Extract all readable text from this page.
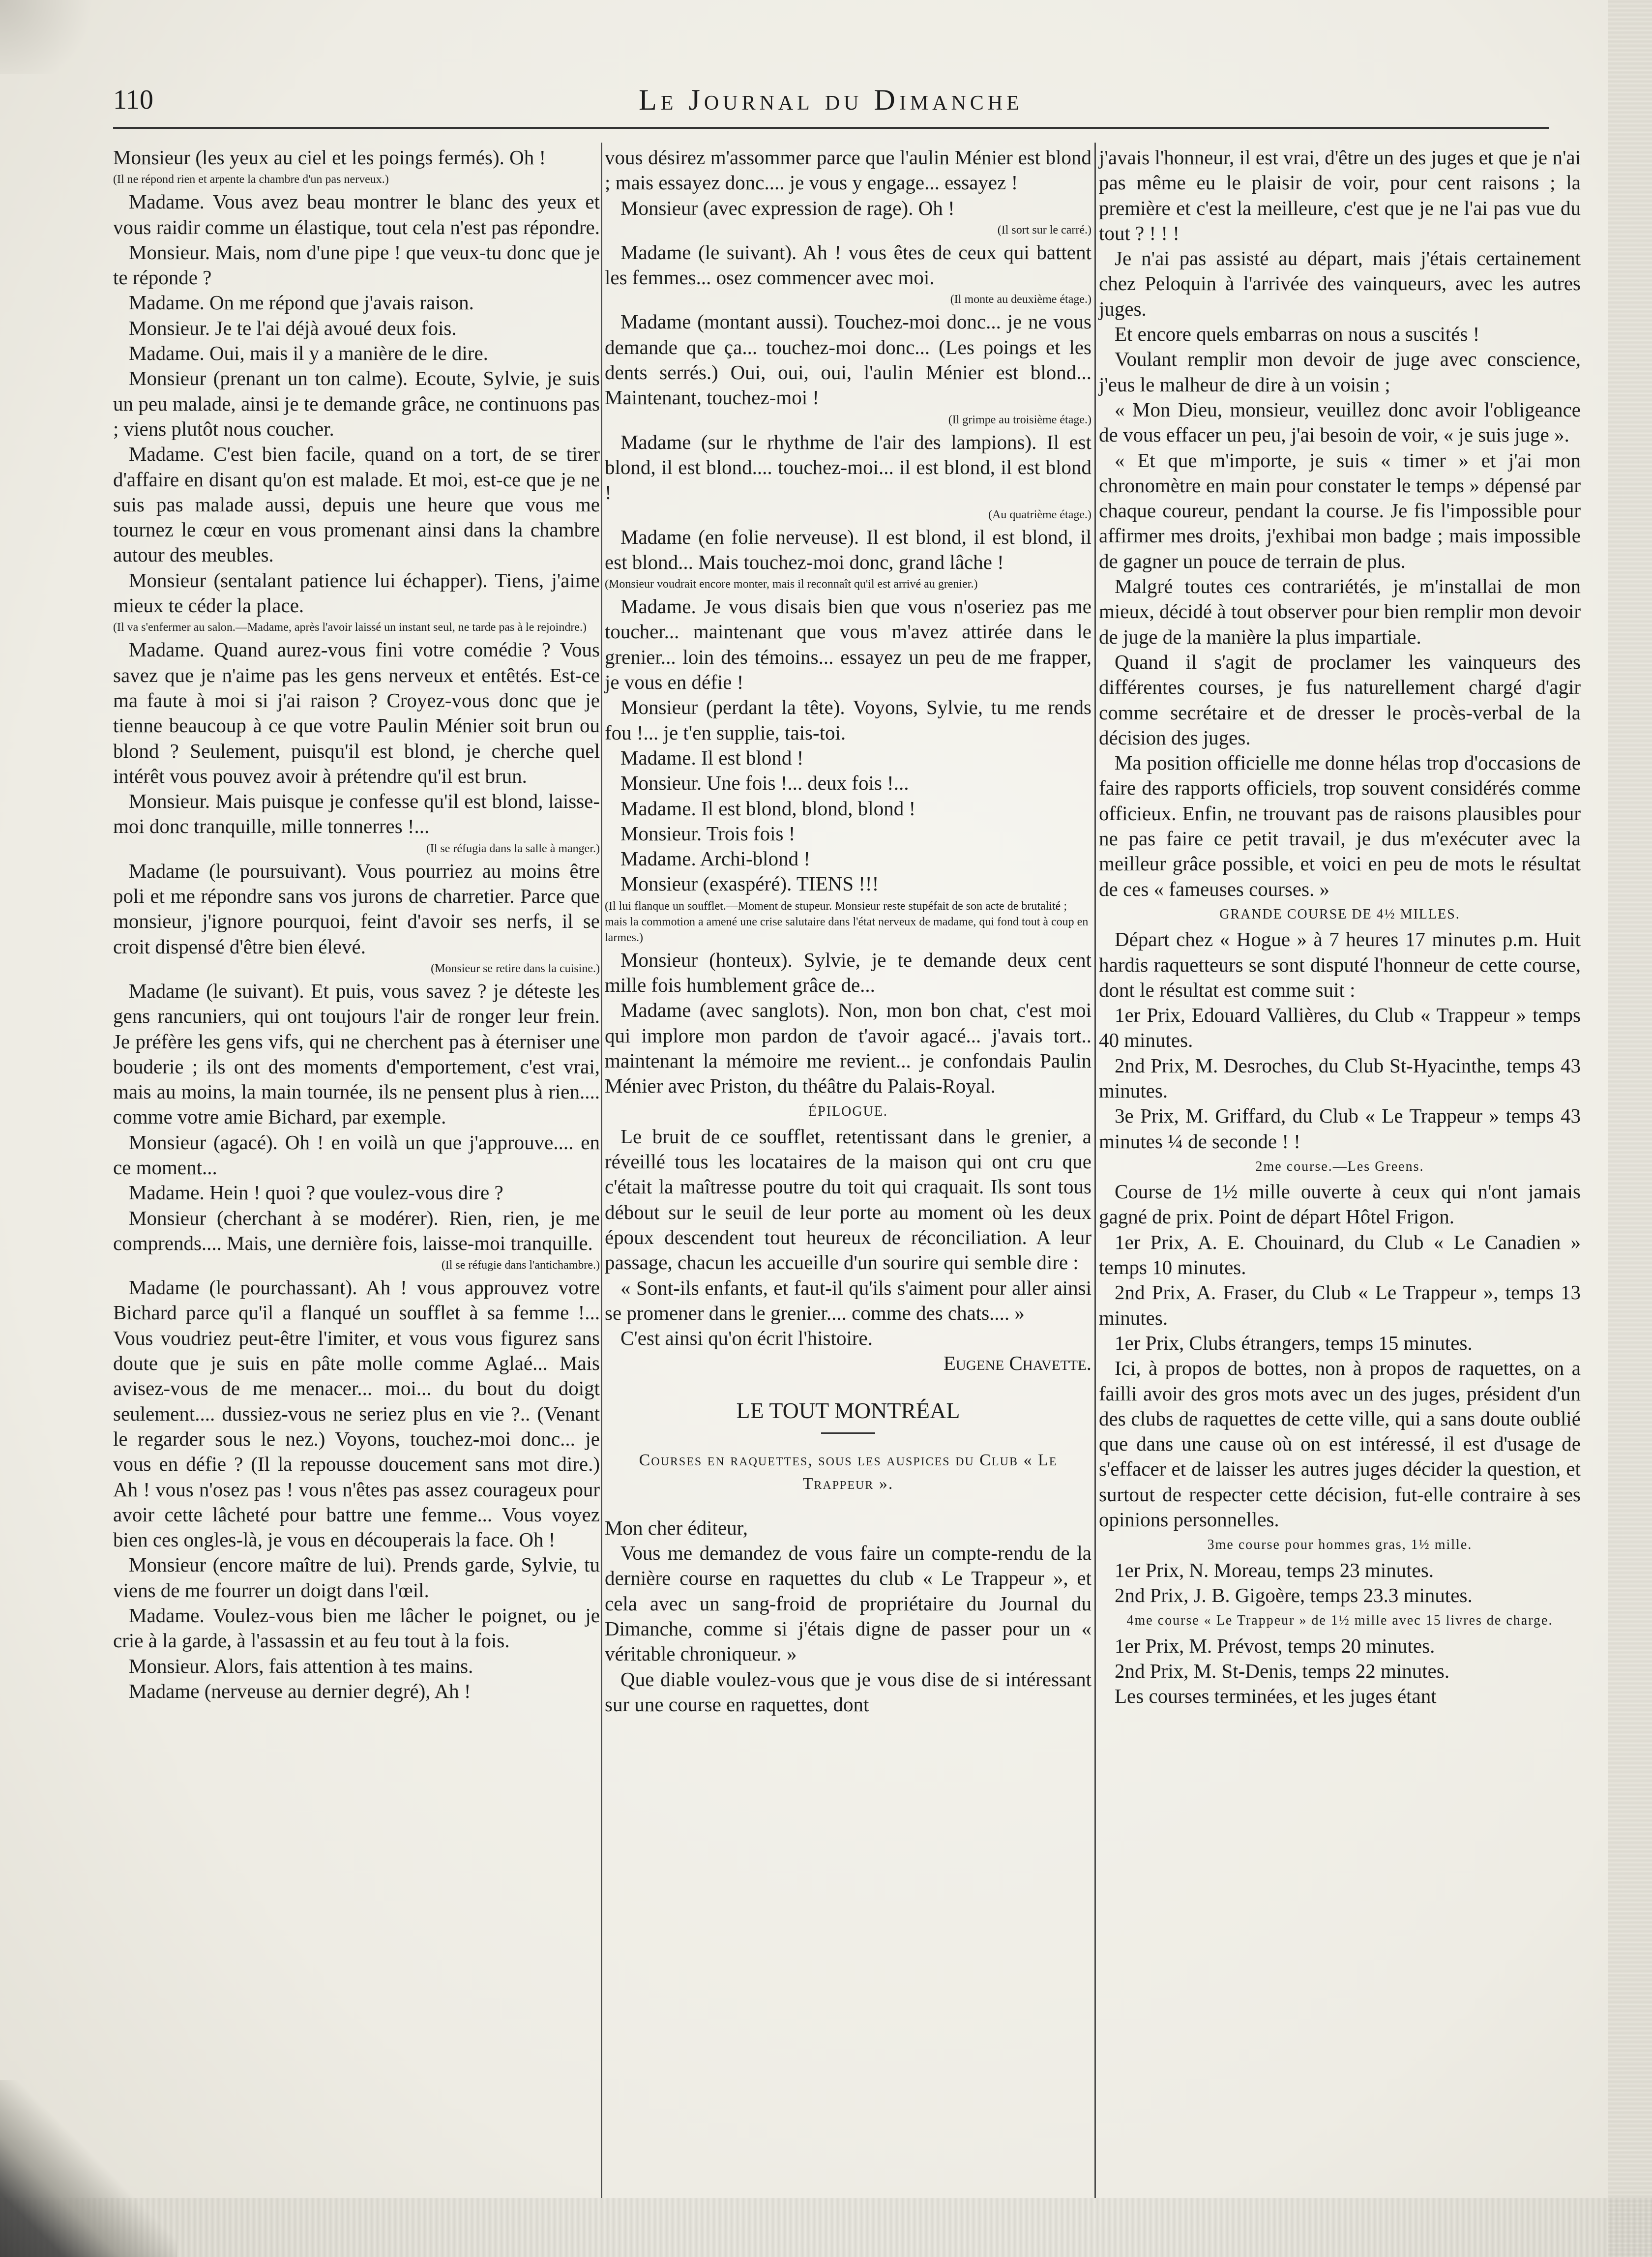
110	Le Journal du Dimanche

Monsieur (les yeux au ciel et les poings fermés). Oh !

(Il ne répond rien et arpente la chambre d'un pas nerveux.)

Madame. Vous avez beau montrer le blanc des yeux et vous raidir comme un élastique, tout cela n'est pas répondre.

Monsieur. Mais, nom d'une pipe ! que veux-tu donc que je te réponde ?

Madame. On me répond que j'avais raison.

Monsieur. Je te l'ai déjà avoué deux fois.

Madame. Oui, mais il y a manière de le dire.

Monsieur (prenant un ton calme). Ecoute, Sylvie, je suis un peu malade, ainsi je te demande grâce, ne continuons pas ; viens plutôt nous coucher.

Madame. C'est bien facile, quand on a tort, de se tirer d'affaire en disant qu'on est malade. Et moi, est-ce que je ne suis pas malade aussi, depuis une heure que vous me tournez le cœur en vous promenant ainsi dans la chambre autour des meubles.

Monsieur (sentalant patience lui échapper). Tiens, j'aime mieux te céder la place.

(Il va s'enfermer au salon.—Madame, après l'avoir laissé un instant seul, ne tarde pas à le rejoindre.)

Madame. Quand aurez-vous fini votre comédie ? Vous savez que je n'aime pas les gens nerveux et entêtés. Est-ce ma faute à moi si j'ai raison ? Croyez-vous donc que je tienne beaucoup à ce que votre Paulin Ménier soit brun ou blond ? Seulement, puisqu'il est blond, je cherche quel intérêt vous pouvez avoir à prétendre qu'il est brun.

Monsieur. Mais puisque je confesse qu'il est blond, laisse-moi donc tranquille, mille tonnerres !...

(Il se réfugia dans la salle à manger.)

Madame (le poursuivant). Vous pourriez au moins être poli et me répondre sans vos jurons de charretier. Parce que monsieur, j'ignore pourquoi, feint d'avoir ses nerfs, il se croit dispensé d'être bien élevé.

(Monsieur se retire dans la cuisine.)

Madame (le suivant). Et puis, vous savez ? je déteste les gens rancuniers, qui ont toujours l'air de ronger leur frein. Je préfère les gens vifs, qui ne cherchent pas à éterniser une bouderie ; ils ont des moments d'emportement, c'est vrai, mais au moins, la main tournée, ils ne pensent plus à rien.... comme votre amie Bichard, par exemple.

Monsieur (agacé). Oh ! en voilà un que j'approuve.... en ce moment...

Madame. Hein ! quoi ? que voulez-vous dire ?

Monsieur (cherchant à se modérer). Rien, rien, je me comprends.... Mais, une dernière fois, laisse-moi tranquille.

(Il se réfugie dans l'antichambre.)

Madame (le pourchassant). Ah ! vous approuvez votre Bichard parce qu'il a flanqué un soufflet à sa femme !... Vous voudriez peut-être l'imiter, et vous vous figurez sans doute que je suis en pâte molle comme Aglaé... Mais avisez-vous de me menacer... moi... du bout du doigt seulement.... dussiez-vous ne seriez plus en vie ?.. (Venant le regarder sous le nez.) Voyons, touchez-moi donc... je vous en défie ? (Il la repousse doucement sans mot dire.) Ah ! vous n'osez pas ! vous n'êtes pas assez courageux pour avoir cette lâcheté pour battre une femme... Vous voyez bien ces ongles-là, je vous en découperais la face. Oh !

Monsieur (encore maître de lui). Prends garde, Sylvie, tu viens de me fourrer un doigt dans l'œil.

Madame. Voulez-vous bien me lâcher le poignet, ou je crie à la garde, à l'assassin et au feu tout à la fois.

Monsieur. Alors, fais attention à tes mains.

Madame (nerveuse au dernier degré), Ah !

vous désirez m'assommer parce que l'aulin Ménier est blond ; mais essayez donc.... je vous y engage... essayez !

Monsieur (avec expression de rage). Oh !

(Il sort sur le carré.)

Madame (le suivant). Ah ! vous êtes de ceux qui battent les femmes... osez commencer avec moi.

(Il monte au deuxième étage.)

Madame (montant aussi). Touchez-moi donc... je ne vous demande que ça... touchez-moi donc... (Les poings et les dents serrés.) Oui, oui, oui, l'aulin Ménier est blond... Maintenant, touchez-moi !

(Il grimpe au troisième étage.)

Madame (sur le rhythme de l'air des lampions). Il est blond, il est blond.... touchez-moi... il est blond, il est blond !

(Au quatrième étage.)

Madame (en folie nerveuse). Il est blond, il est blond, il est blond... Mais touchez-moi donc, grand lâche !

(Monsieur voudrait encore monter, mais il reconnaît qu'il est arrivé au grenier.)

Madame. Je vous disais bien que vous n'oseriez pas me toucher... maintenant que vous m'avez attirée dans le grenier... loin des témoins... essayez un peu de me frapper, je vous en défie !

Monsieur (perdant la tête). Voyons, Sylvie, tu me rends fou !... je t'en supplie, tais-toi.

Madame. Il est blond !

Monsieur. Une fois !... deux fois !...

Madame. Il est blond, blond, blond !

Monsieur. Trois fois !

Madame. Archi-blond !

Monsieur (exaspéré). TIENS !!!

(Il lui flanque un soufflet.—Moment de stupeur. Monsieur reste stupéfait de son acte de brutalité ; mais la commotion a amené une crise salutaire dans l'état nerveux de madame, qui fond tout à coup en larmes.)

Monsieur (honteux). Sylvie, je te demande deux cent mille fois humblement grâce de...

Madame (avec sanglots). Non, mon bon chat, c'est moi qui implore mon pardon de t'avoir agacé... j'avais tort.. maintenant la mémoire me revient... je confondais Paulin Ménier avec Priston, du théâtre du Palais-Royal.

ÉPILOGUE.

Le bruit de ce soufflet, retentissant dans le grenier, a réveillé tous les locataires de la maison qui ont cru que c'était la maîtresse poutre du toit qui craquait. Ils sont tous débout sur le seuil de leur porte au moment où les deux époux descendent tout heureux de réconciliation. A leur passage, chacun les accueille d'un sourire qui semble dire :

« Sont-ils enfants, et faut-il qu'ils s'aiment pour aller ainsi se promener dans le grenier.... comme des chats.... »

C'est ainsi qu'on écrit l'histoire.

Eugene Chavette.

LE TOUT MONTRÉAL
Courses en raquettes, sous les auspices du Club « Le Trappeur ».

Mon cher éditeur,

Vous me demandez de vous faire un compte-rendu de la dernière course en raquettes du club « Le Trappeur », et cela avec un sang-froid de propriétaire du Journal du Dimanche, comme si j'étais digne de passer pour un « véritable chroniqueur. »

Que diable voulez-vous que je vous dise de si intéressant sur une course en raquettes, dont

j'avais l'honneur, il est vrai, d'être un des juges et que je n'ai pas même eu le plaisir de voir, pour cent raisons ; la première et c'est la meilleure, c'est que je ne l'ai pas vue du tout ? ! ! !

Je n'ai pas assisté au départ, mais j'étais certainement chez Peloquin à l'arrivée des vainqueurs, avec les autres juges.

Et encore quels embarras on nous a suscités !

Voulant remplir mon devoir de juge avec conscience, j'eus le malheur de dire à un voisin ;

« Mon Dieu, monsieur, veuillez donc avoir l'obligeance de vous effacer un peu, j'ai besoin de voir, « je suis juge ».

« Et que m'importe, je suis « timer » et j'ai mon chronomètre en main pour constater le temps » dépensé par chaque coureur, pendant la course. Je fis l'impossible pour affirmer mes droits, j'exhibai mon badge ; mais impossible de gagner un pouce de terrain de plus.

Malgré toutes ces contrariétés, je m'installai de mon mieux, décidé à tout observer pour bien remplir mon devoir de juge de la manière la plus impartiale.

Quand il s'agit de proclamer les vainqueurs des différentes courses, je fus naturellement chargé d'agir comme secrétaire et de dresser le procès-verbal de la décision des juges.

Ma position officielle me donne hélas trop d'occasions de faire des rapports officiels, trop souvent considérés comme officieux. Enfin, ne trouvant pas de raisons plausibles pour ne pas faire ce petit travail, je dus m'exécuter avec la meilleur grâce possible, et voici en peu de mots le résultat de ces « fameuses courses. »

GRANDE COURSE DE 4½ MILLES.

Départ chez « Hogue » à 7 heures 17 minutes p.m. Huit hardis raquetteurs se sont disputé l'honneur de cette course, dont le résultat est comme suit :

1er Prix, Edouard Vallières, du Club « Trappeur » temps 40 minutes.

2nd Prix, M. Desroches, du Club St-Hyacinthe, temps 43 minutes.

3e Prix, M. Griffard, du Club « Le Trappeur » temps 43 minutes ¼ de seconde ! !

2me course.—Les Greens.

Course de 1½ mille ouverte à ceux qui n'ont jamais gagné de prix. Point de départ Hôtel Frigon.

1er Prix, A. E. Chouinard, du Club « Le Canadien » temps 10 minutes.

2nd Prix, A. Fraser, du Club « Le Trappeur », temps 13 minutes.

1er Prix, Clubs étrangers, temps 15 minutes.

Ici, à propos de bottes, non à propos de raquettes, on a failli avoir des gros mots avec un des juges, président d'un des clubs de raquettes de cette ville, qui a sans doute oublié que dans une cause où on est intéressé, il est d'usage de s'effacer et de laisser les autres juges décider la question, et surtout de respecter cette décision, fut-elle contraire à ses opinions personnelles.

3me course pour hommes gras, 1½ mille.

1er Prix, N. Moreau, temps 23 minutes.

2nd Prix, J. B. Gigoère, temps 23.3 minutes.

4me course « Le Trappeur » de 1½ mille avec 15 livres de charge.

1er Prix, M. Prévost, temps 20 minutes.

2nd Prix, M. St-Denis, temps 22 minutes.

Les courses terminées, et les juges étant
